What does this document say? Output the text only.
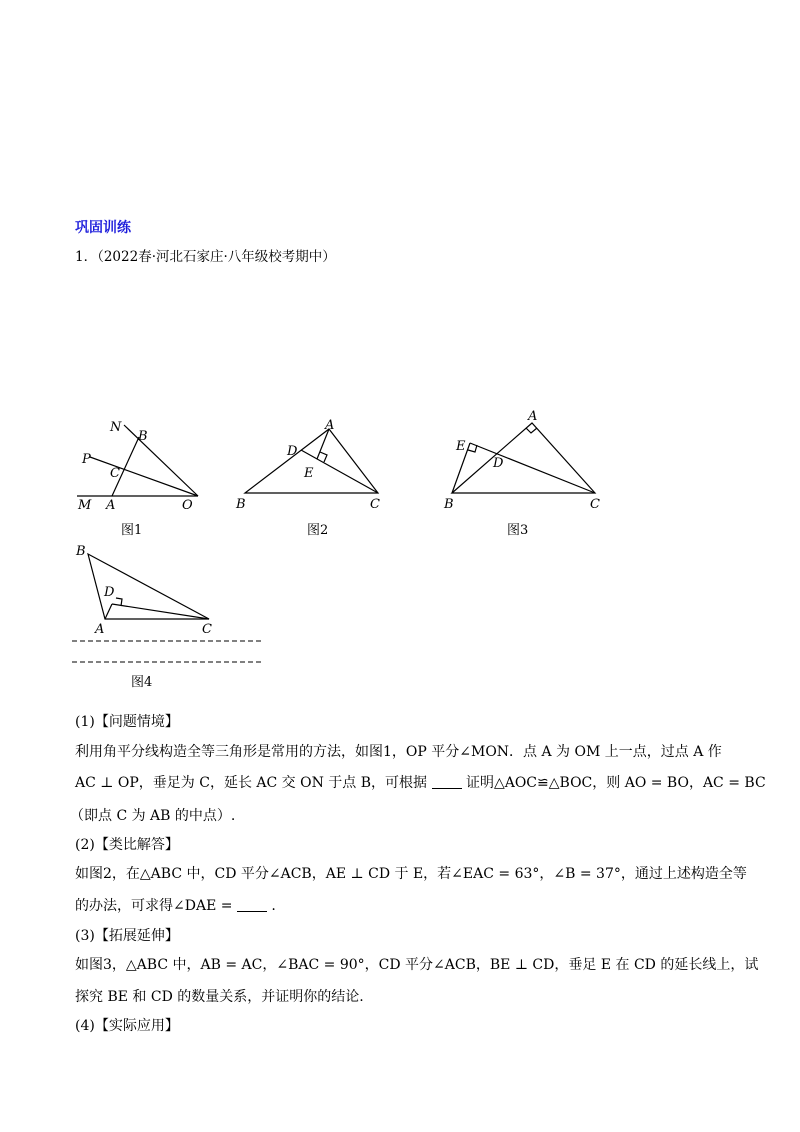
巩固训练
1．（2022春·河北石家庄·八年级校考期中）
N
B
P
C
M A	O
图1
A
D
E
B	C
图2
A
E
D
B	C
图3
B
D
A	C
图4
(1)【问题情境】
利用角平分线构造全等三角形是常用的方法，如图1，OP 平分∠MON．点 A 为 OM 上一点，过点 A 作
AC ⊥ OP，垂足为 C，延长 AC 交 ON 于点 B，可根据	证明△AOC≌△BOC，则 AO = BO，AC = BC
（即点 C 为 AB 的中点）.
(2)【类比解答】
如图2，在△ABC 中，CD 平分∠ACB，AE ⊥ CD 于 E，若∠EAC = 63°，∠B = 37°，通过上述构造全等
的办法，可求得∠DAE =	.
(3)【拓展延伸】
如图3，△ABC 中，AB = AC，∠BAC = 90°，CD 平分∠ACB，BE ⊥ CD，垂足 E 在 CD 的延长线上，试
探究 BE 和 CD 的数量关系，并证明你的结论.
(4)【实际应用】
